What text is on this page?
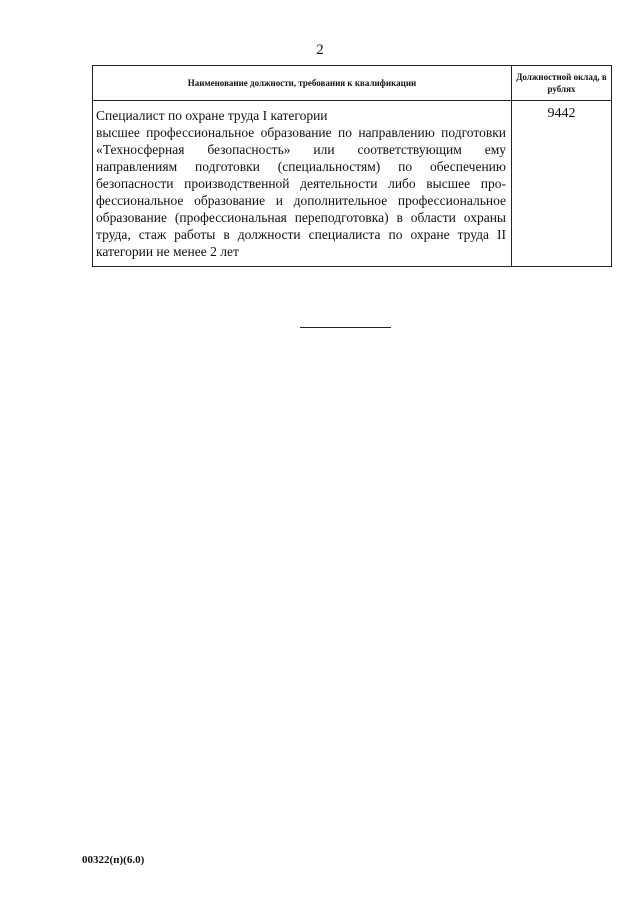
2
Наименование должности, требования к квалификации	Должностной оклад, в рублях

Специалист по охране труда I категории
высшее профессиональное образование по направлению подготовки «Техносферная безопасность» или соответствующим ему направлениям подготовки (специальностям) по обеспечению безопасности производственной деятельности либо высшее профессиональное образование и дополнительное профессиональное образование (профессиональная переподготовка) в области охраны труда, стаж работы в должности специалиста по охране труда II категории не менее 2 лет	9442
00322(п)(6.0)
